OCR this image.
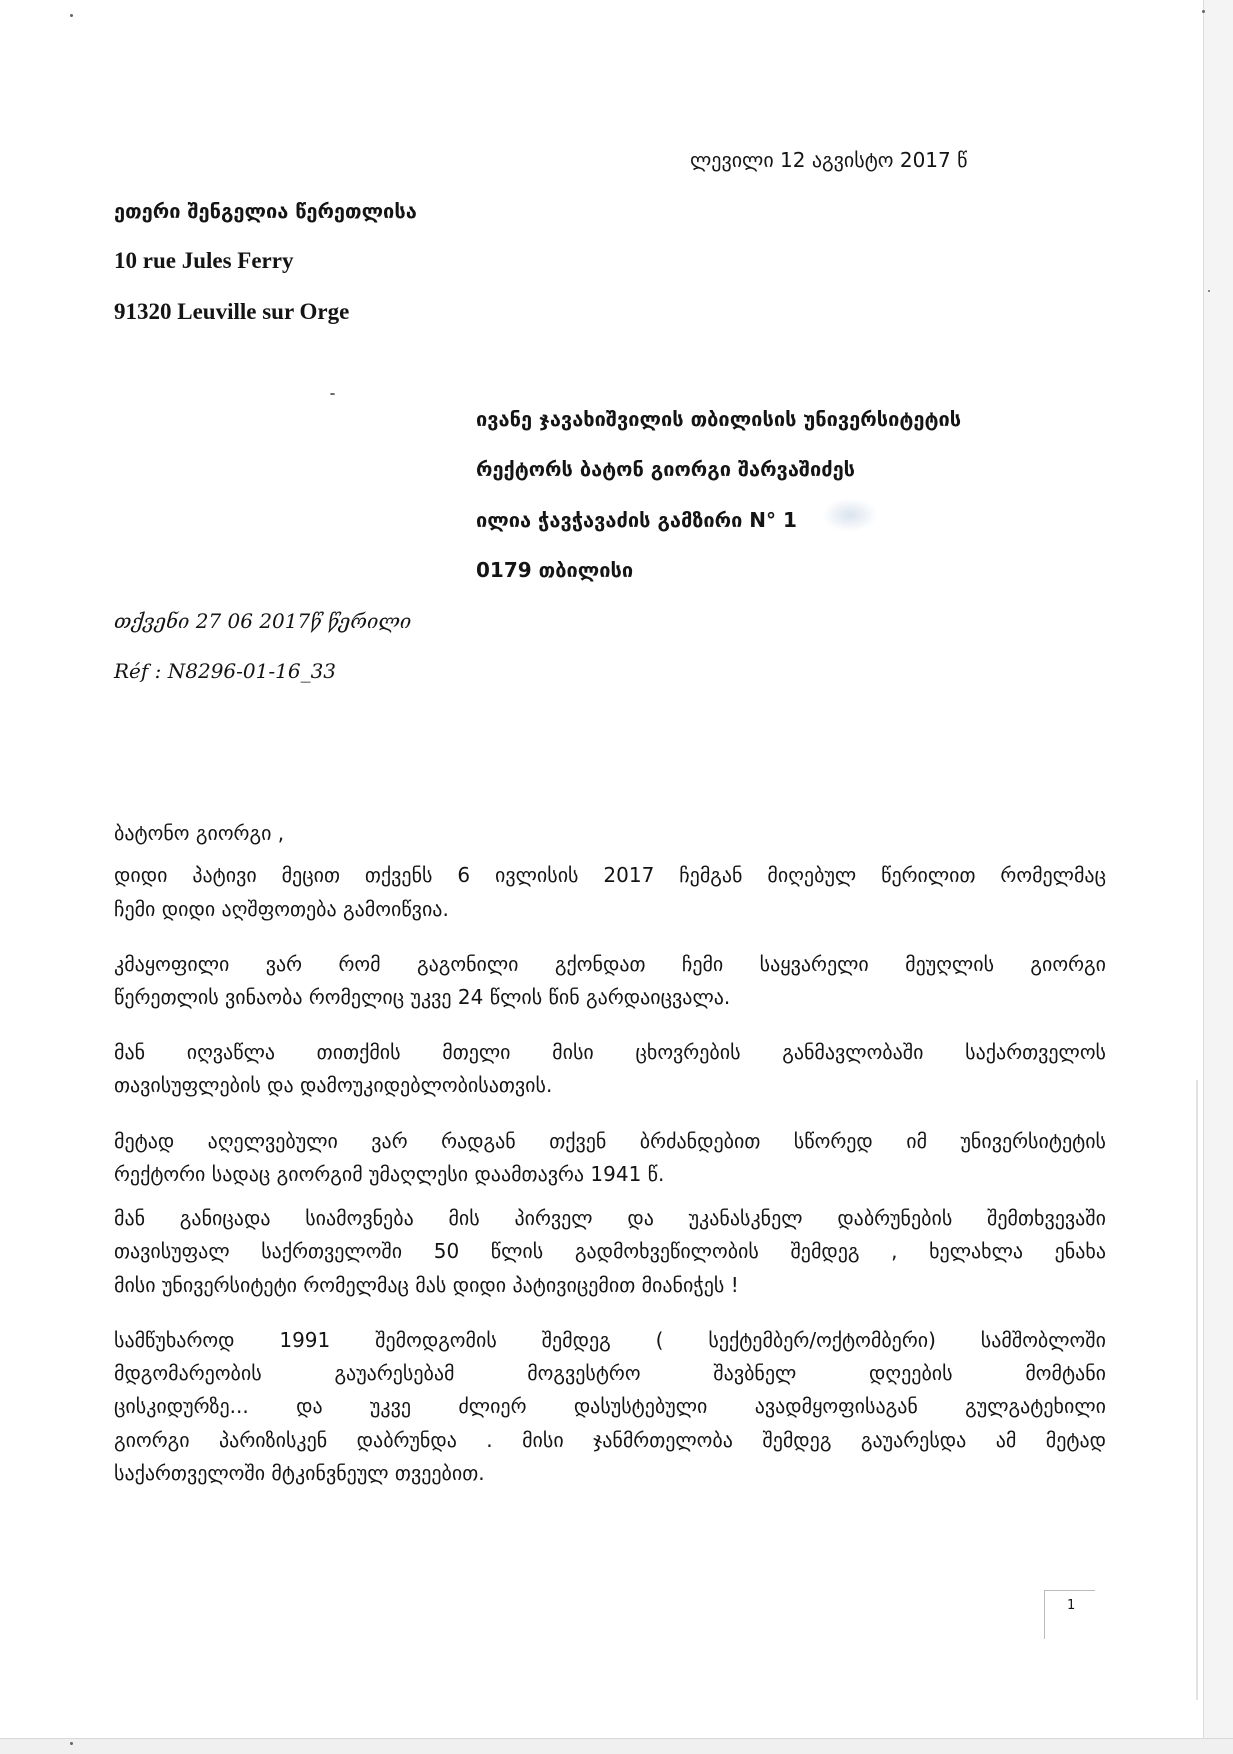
ლევილი 12 აგვისტო 2017 წ
ეთერი შენგელია წერეთლისა
10 rue Jules Ferry
91320 Leuville sur Orge
ივანე ჯავახიშვილის თბილისის უნივერსიტეტის
რექტორს ბატონ გიორგი შარვაშიძეს
ილია ჭავჭავაძის გამზირი N° 1
0179 თბილისი
თქვენი 27 06 2017წ წერილი
Réf : N8296-01-16_33
ბატონო გიორგი ,
დიდი პატივი მეცით თქვენს 6 ივლისის 2017 ჩემგან მიღებულ წერილით რომელმაც
ჩემი დიდი აღშფოთება გამოიწვია.
კმაყოფილი ვარ რომ გაგონილი გქონდათ ჩემი საყვარელი მეუღლის გიორგი
წერეთლის ვინაობა რომელიც უკვე 24 წლის წინ გარდაიცვალა.
მან იღვაწლა თითქმის მთელი მისი ცხოვრების განმავლობაში საქართველოს
თავისუფლების და დამოუკიდებლობისათვის.
მეტად აღელვებული ვარ რადგან თქვენ ბრძანდებით სწორედ იმ უნივერსიტეტის
რექტორი სადაც გიორგიმ უმაღლესი დაამთავრა 1941 წ.
მან განიცადა სიამოვნება მის პირველ და უკანასკნელ დაბრუნების შემთხვევაში
თავისუფალ საქრთველოში 50 წლის გადმოხვეწილობის შემდეგ , ხელახლა ენახა
მისი უნივერსიტეტი რომელმაც მას დიდი პატივიცემით მიანიჭეს !
სამწუხაროდ 1991 შემოდგომის შემდეგ ( სექტემბერ/ოქტომბერი) სამშობლოში
მდგომარეობის გაუარესებამ მოგვესტრო შავბნელ დღეების მომტანი
ცისკიდურზე... და უკვე ძლიერ დასუსტებული ავადმყოფისაგან გულგატეხილი
გიორგი პარიზისკენ დაბრუნდა . მისი ჯანმრთელობა შემდეგ გაუარესდა ამ მეტად
საქართველოში მტკინვნეულ თვეებით.
1
